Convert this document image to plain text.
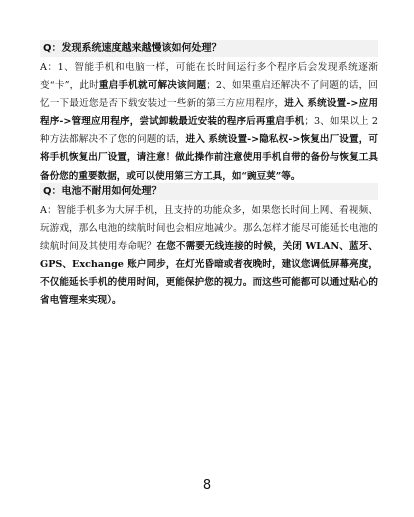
Q：发现系统速度越来越慢该如何处理？
A：1、智能手机和电脑一样，可能在长时间运行多个程序后会发现系统逐渐变“卡”，此时重启手机就可解决该问题；2、如果重启还解决不了问题的话，回忆一下最近您是否下载安装过一些新的第三方应用程序，进入 系统设置->应用程序->管理应用程序，尝试卸载最近安装的程序后再重启手机；3、如果以上 2 种方法都解决不了您的问题的话，进入 系统设置->隐私权->恢复出厂设置，可将手机恢复出厂设置，请注意！做此操作前注意使用手机自带的备份与恢复工具备份您的重要数据，或可以使用第三方工具，如“豌豆荚”等。
Q：电池不耐用如何处理？
A：智能手机多为大屏手机，且支持的功能众多，如果您长时间上网、看视频、玩游戏，那么电池的续航时间也会相应地减少。那么怎样才能尽可能延长电池的续航时间及其使用寿命呢？在您不需要无线连接的时候，关闭 WLAN、蓝牙、GPS、Exchange 账户同步，在灯光昏暗或者夜晚时，建议您调低屏幕亮度，不仅能延长手机的使用时间，更能保护您的视力。而这些可能都可以通过贴心的省电管理来实现）。
8
